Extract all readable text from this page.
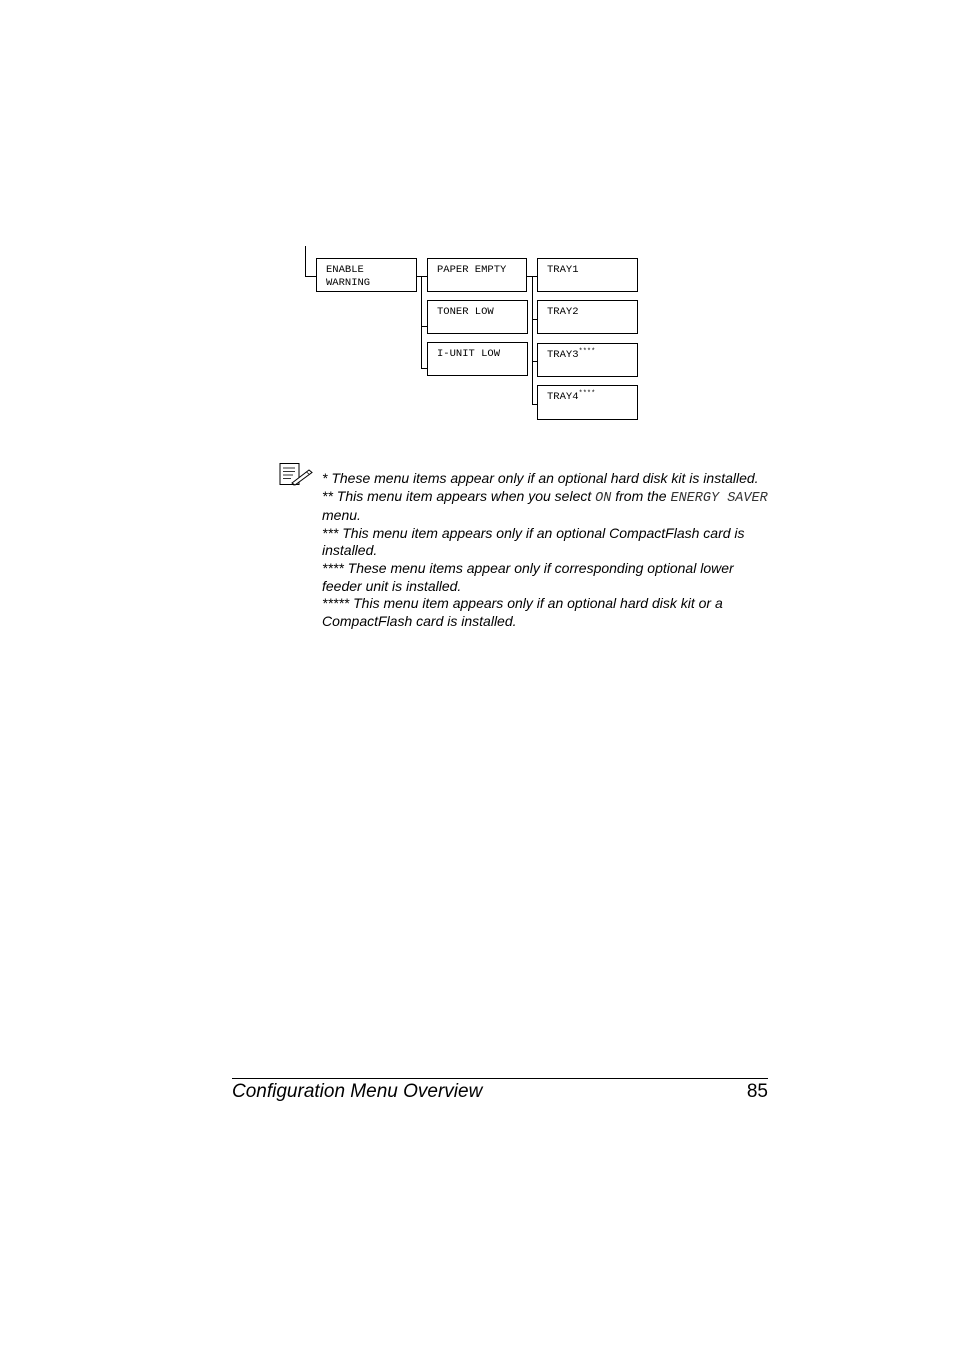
ENABLE
WARNING
PAPER EMPTY
TONER LOW
I-UNIT LOW
TRAY1
TRAY2
TRAY3****
TRAY4****

* These menu items appear only if an optional hard disk kit is installed.

** This menu item appears when you select ON from the ENERGY SAVER menu.

*** This menu item appears only if an optional CompactFlash card is installed.

**** These menu items appear only if corresponding optional lower feeder unit is installed.

***** This menu item appears only if an optional hard disk kit or a CompactFlash card is installed.

Configuration Menu Overview	85
